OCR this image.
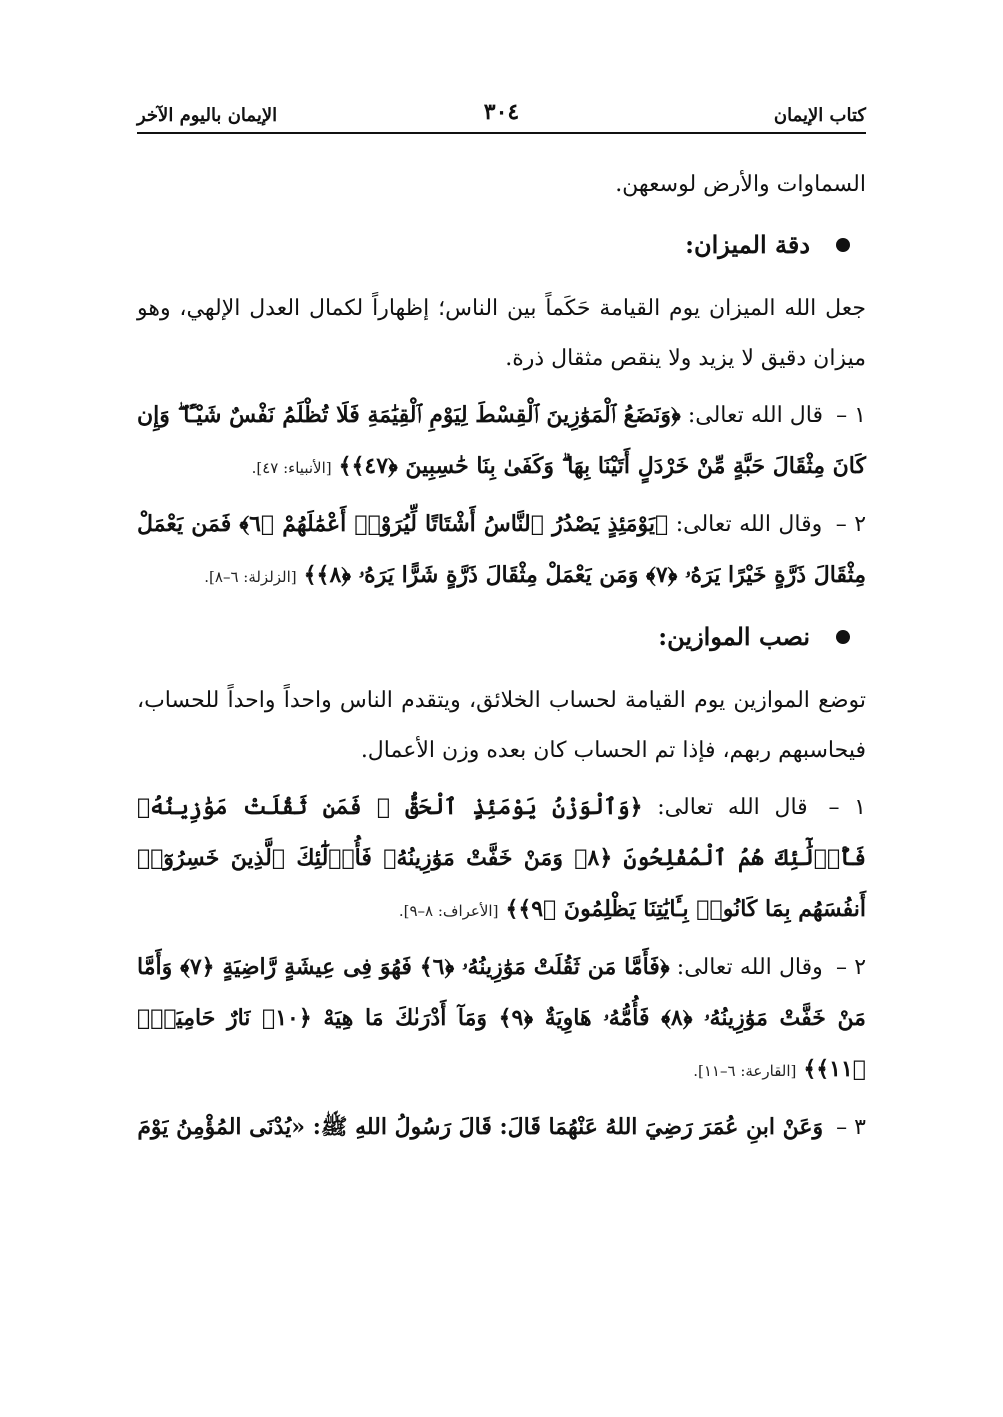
كتاب الإيمان
٣٠٤
الإيمان باليوم الآخر

السماوات والأرض لوسعهن.

دقة الميزان:

جعل الله الميزان يوم القيامة حَكَماً بين الناس؛ إظهاراً لكمال العدل الإلهي، وهو ميزان دقيق لا يزيد ولا ينقص مثقال ذرة.

١ – قال الله تعالى: ﴿وَنَضَعُ ٱلْمَوَٰزِينَ ٱلْقِسْطَ لِيَوْمِ ٱلْقِيَٰمَةِ فَلَا تُظْلَمُ نَفْسٌ شَيْـًٔا ۖ وَإِن كَانَ مِثْقَالَ حَبَّةٍ مِّنْ خَرْدَلٍ أَتَيْنَا بِهَا ۗ وَكَفَىٰ بِنَا حَٰسِبِينَ ﴿٤٧﴾﴾ [الأنبياء: ٤٧].

٢ – وقال الله تعالى: ﴿يَوْمَئِذٍ يَصْدُرُ ٱلنَّاسُ أَشْتَاتًا لِّيُرَوْا۟ أَعْمَٰلَهُمْ ﴿٦﴾ فَمَن يَعْمَلْ مِثْقَالَ ذَرَّةٍ خَيْرًا يَرَهُۥ ﴿٧﴾ وَمَن يَعْمَلْ مِثْقَالَ ذَرَّةٍ شَرًّا يَرَهُۥ ﴿٨﴾﴾ [الزلزلة: ٦–٨].

نصب الموازين:

توضع الموازين يوم القيامة لحساب الخلائق، ويتقدم الناس واحداً واحداً للحساب، فيحاسبهم ربهم، فإذا تم الحساب كان بعده وزن الأعمال.

١ – قال الله تعالى: ﴿وَٱلْوَزْنُ يَوْمَئِذٍ ٱلْحَقُّ ۚ فَمَن ثَقُلَتْ مَوَٰزِينُهُۥ فَأُو۟لَٰٓئِكَ هُمُ ٱلْمُفْلِحُونَ ﴿٨﴾ وَمَنْ خَفَّتْ مَوَٰزِينُهُۥ فَأُو۟لَٰٓئِكَ ٱلَّذِينَ خَسِرُوٓا۟ أَنفُسَهُم بِمَا كَانُوا۟ بِـَٔايَٰتِنَا يَظْلِمُونَ ﴿٩﴾﴾ [الأعراف: ٨–٩].

٢ – وقال الله تعالى: ﴿فَأَمَّا مَن ثَقُلَتْ مَوَٰزِينُهُۥ ﴿٦﴾ فَهُوَ فِى عِيشَةٍ رَّاضِيَةٍ ﴿٧﴾ وَأَمَّا مَنْ خَفَّتْ مَوَٰزِينُهُۥ ﴿٨﴾ فَأُمُّهُۥ هَاوِيَةٌ ﴿٩﴾ وَمَآ أَدْرَىٰكَ مَا هِيَهْ ﴿١٠﴾ نَارٌ حَامِيَةٌۢ ﴿١١﴾﴾ [القارعة: ٦–١١].

٣ – وَعَنْ ابنِ عُمَرَ رَضِيَ اللهُ عَنْهُمَا قَالَ: قَالَ رَسُولُ اللهِ ﷺ: «يُدْنَى المُؤْمِنُ يَوْمَ
